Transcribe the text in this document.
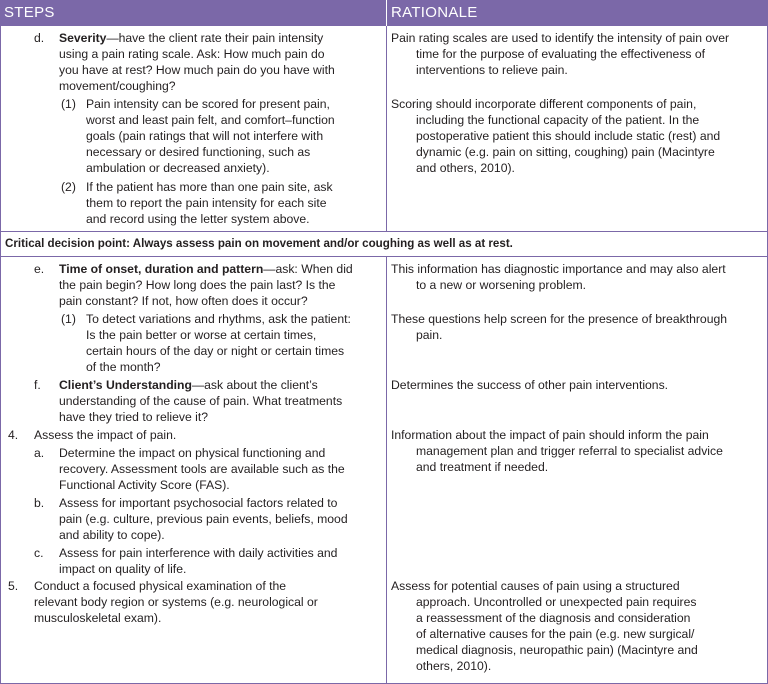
STEPS	RATIONALE
d. Severity—have the client rate their pain intensity
using a pain rating scale. Ask: How much pain do
you have at rest? How much pain do you have with
movement/coughing?
(1) Pain intensity can be scored for present pain,
worst and least pain felt, and comfort–function
goals (pain ratings that will not interfere with
necessary or desired functioning, such as
ambulation or decreased anxiety).
(2) If the patient has more than one pain site, ask
them to report the pain intensity for each site
and record using the letter system above.
Pain rating scales are used to identify the intensity of pain over
time for the purpose of evaluating the effectiveness of
interventions to relieve pain.
Scoring should incorporate different components of pain,
including the functional capacity of the patient. In the
postoperative patient this should include static (rest) and
dynamic (e.g. pain on sitting, coughing) pain (Macintyre
and others, 2010).
Critical decision point: Always assess pain on movement and/or coughing as well as at rest.
e. Time of onset, duration and pattern—ask: When did
the pain begin? How long does the pain last? Is the
pain constant? If not, how often does it occur?
(1) To detect variations and rhythms, ask the patient:
Is the pain better or worse at certain times,
certain hours of the day or night or certain times
of the month?
f. Client’s Understanding—ask about the client’s
understanding of the cause of pain. What treatments
have they tried to relieve it?
4. Assess the impact of pain.
a. Determine the impact on physical functioning and
recovery. Assessment tools are available such as the
Functional Activity Score (FAS).
b. Assess for important psychosocial factors related to
pain (e.g. culture, previous pain events, beliefs, mood
and ability to cope).
c. Assess for pain interference with daily activities and
impact on quality of life.
5. Conduct a focused physical examination of the
relevant body region or systems (e.g. neurological or
musculoskeletal exam).
This information has diagnostic importance and may also alert
to a new or worsening problem.
These questions help screen for the presence of breakthrough
pain.
Determines the success of other pain interventions.
Information about the impact of pain should inform the pain
management plan and trigger referral to specialist advice
and treatment if needed.
Assess for potential causes of pain using a structured
approach. Uncontrolled or unexpected pain requires
a reassessment of the diagnosis and consideration
of alternative causes for the pain (e.g. new surgical/
medical diagnosis, neuropathic pain) (Macintyre and
others, 2010).
